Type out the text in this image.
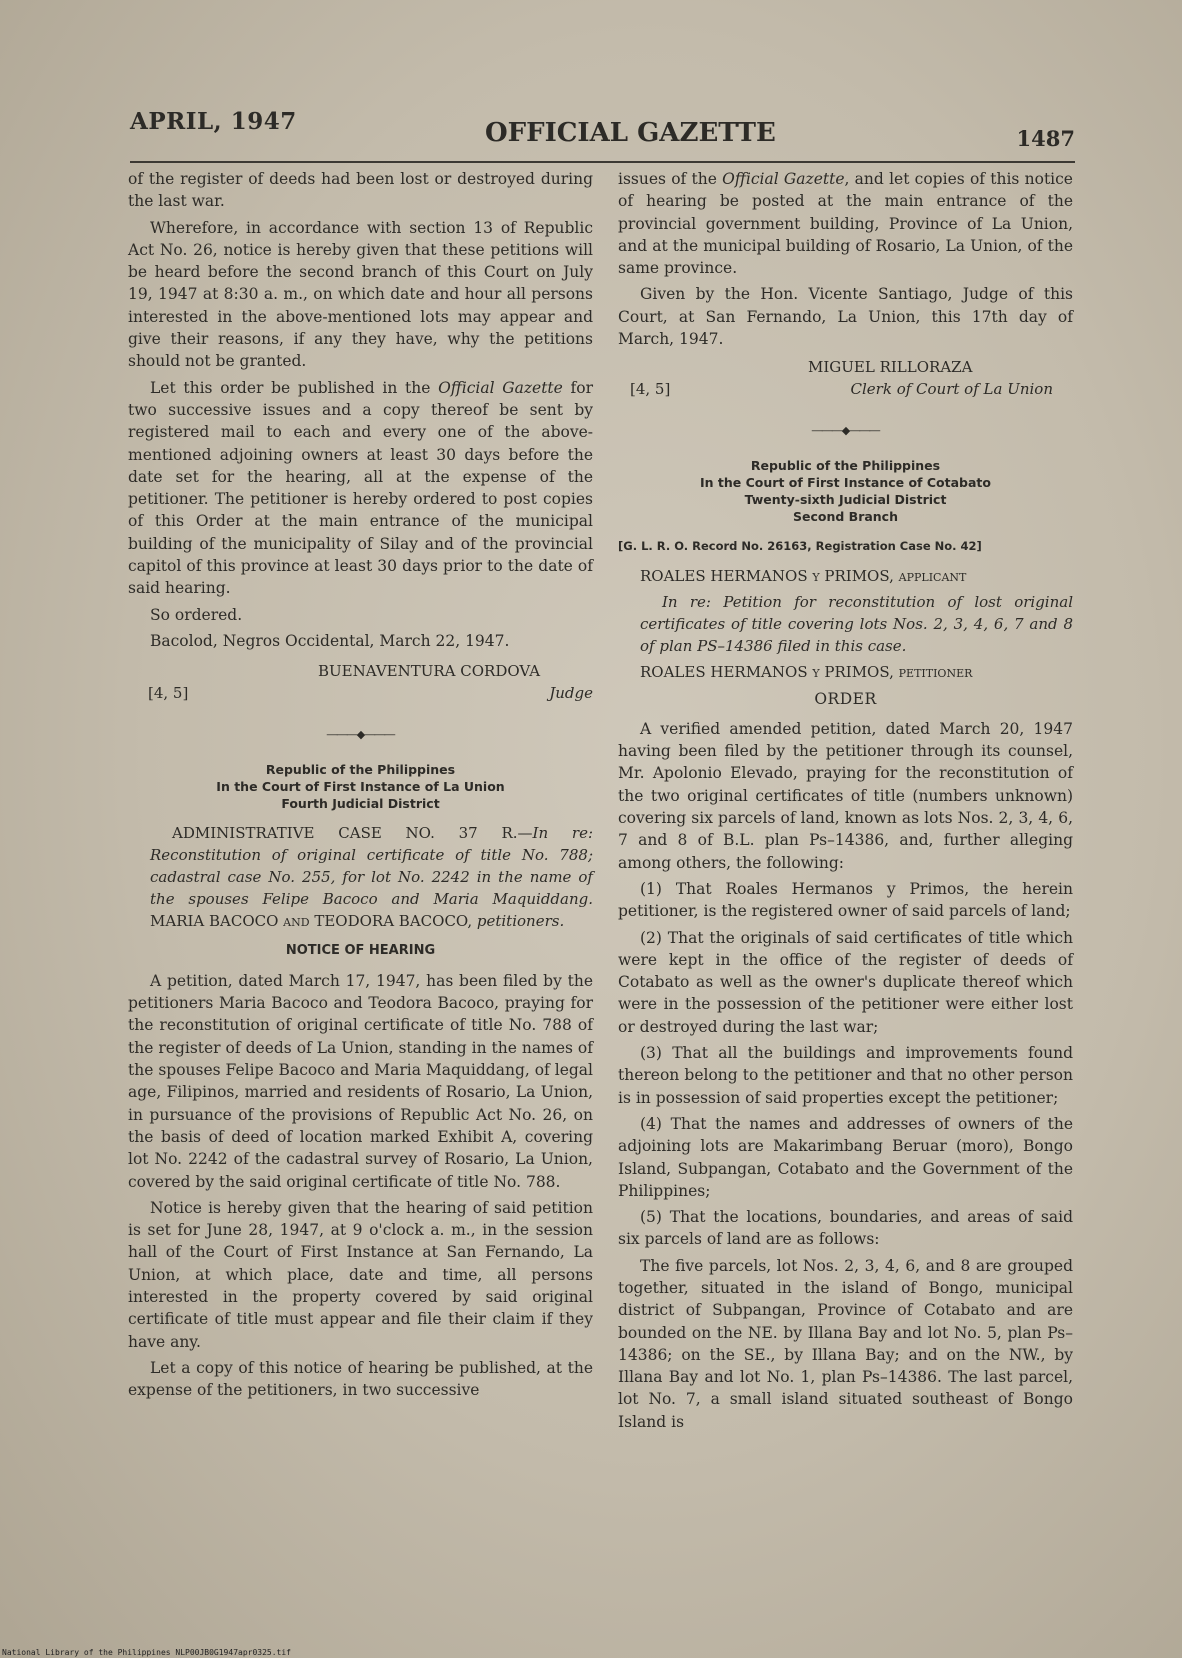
APRIL, 1947	OFFICIAL GAZETTE	1487

of the register of deeds had been lost or destroyed during the last war.

Wherefore, in accordance with section 13 of Republic Act No. 26, notice is hereby given that these petitions will be heard before the second branch of this Court on July 19, 1947 at 8:30 a. m., on which date and hour all persons interested in the above-mentioned lots may appear and give their reasons, if any they have, why the petitions should not be granted.

Let this order be published in the Official Gazette for two successive issues and a copy thereof be sent by registered mail to each and every one of the above-mentioned adjoining owners at least 30 days before the date set for the hearing, all at the expense of the petitioner. The petitioner is hereby ordered to post copies of this Order at the main entrance of the municipal building of the municipality of Silay and of the provincial capitol of this province at least 30 days prior to the date of said hearing.

So ordered.

Bacolod, Negros Occidental, March 22, 1947.

BUENAVENTURA CORDOVA
[4, 5]	Judge
―――◆―――
Republic of the Philippines
In the Court of First Instance of La Union
Fourth Judicial District

ADMINISTRATIVE CASE NO. 37 R.—In re: Reconstitution of original certificate of title No. 788; cadastral case No. 255, for lot No. 2242 in the name of the spouses Felipe Bacoco and Maria Maquiddang. MARIA BACOCO and TEODORA BACOCO, petitioners.

NOTICE OF HEARING

A petition, dated March 17, 1947, has been filed by the petitioners Maria Bacoco and Teodora Bacoco, praying for the reconstitution of original certificate of title No. 788 of the register of deeds of La Union, standing in the names of the spouses Felipe Bacoco and Maria Maquiddang, of legal age, Filipinos, married and residents of Rosario, La Union, in pursuance of the provisions of Republic Act No. 26, on the basis of deed of location marked Exhibit A, covering lot No. 2242 of the cadastral survey of Rosario, La Union, covered by the said original certificate of title No. 788.

Notice is hereby given that the hearing of said petition is set for June 28, 1947, at 9 o'clock a. m., in the session hall of the Court of First Instance at San Fernando, La Union, at which place, date and time, all persons interested in the property covered by said original certificate of title must appear and file their claim if they have any.

Let a copy of this notice of hearing be published, at the expense of the petitioners, in two successive

issues of the Official Gazette, and let copies of this notice of hearing be posted at the main entrance of the provincial government building, Province of La Union, and at the municipal building of Rosario, La Union, of the same province.

Given by the Hon. Vicente Santiago, Judge of this Court, at San Fernando, La Union, this 17th day of March, 1947.

MIGUEL RILLORAZA
[4, 5]	Clerk of Court of La Union
―――◆―――
Republic of the Philippines
In the Court of First Instance of Cotabato
Twenty-sixth Judicial District
Second Branch
[G. L. R. O. Record No. 26163, Registration Case No. 42]

ROALES HERMANOS y PRIMOS, applicant

In re: Petition for reconstitution of lost original certificates of title covering lots Nos. 2, 3, 4, 6, 7 and 8 of plan PS–14386 filed in this case.

ROALES HERMANOS y PRIMOS, petitioner

ORDER

A verified amended petition, dated March 20, 1947 having been filed by the petitioner through its counsel, Mr. Apolonio Elevado, praying for the reconstitution of the two original certificates of title (numbers unknown) covering six parcels of land, known as lots Nos. 2, 3, 4, 6, 7 and 8 of B.L. plan Ps–14386, and, further alleging among others, the following:

(1) That Roales Hermanos y Primos, the herein petitioner, is the registered owner of said parcels of land;

(2) That the originals of said certificates of title which were kept in the office of the register of deeds of Cotabato as well as the owner's duplicate thereof which were in the possession of the petitioner were either lost or destroyed during the last war;

(3) That all the buildings and improvements found thereon belong to the petitioner and that no other person is in possession of said properties except the petitioner;

(4) That the names and addresses of owners of the adjoining lots are Makarimbang Beruar (moro), Bongo Island, Subpangan, Cotabato and the Government of the Philippines;

(5) That the locations, boundaries, and areas of said six parcels of land are as follows:

The five parcels, lot Nos. 2, 3, 4, 6, and 8 are grouped together, situated in the island of Bongo, municipal district of Subpangan, Province of Cotabato and are bounded on the NE. by Illana Bay and lot No. 5, plan Ps–14386; on the SE., by Illana Bay; and on the NW., by Illana Bay and lot No. 1, plan Ps–14386. The last parcel, lot No. 7, a small island situated southeast of Bongo Island is

National Library of the Philippines NLP00JB0G1947apr0325.tif
